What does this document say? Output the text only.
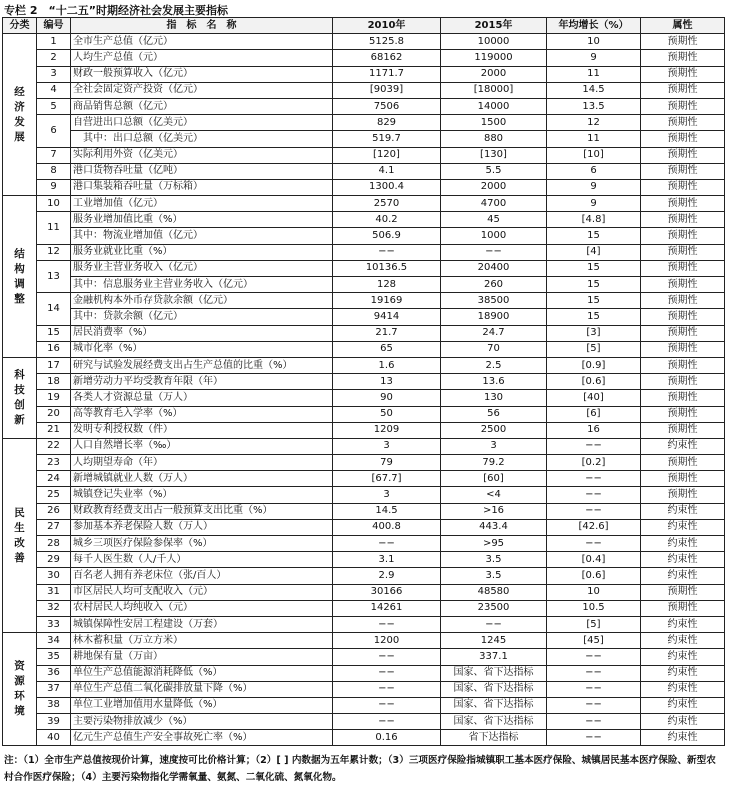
专栏 2　“十二五”时期经济社会发展主要指标
分类	编号	指　标　名　称	2010年	2015年	年均增长（%）	属性
经济发展	1	全市生产总值（亿元）	5125.8	10000	10	预期性
	2	人均生产总值（元）	68162	119000	9	预期性
	3	财政一般预算收入（亿元）	1171.7	2000	11	预期性
	4	全社会固定资产投资（亿元）	[9039]	[18000]	14.5	预期性
	5	商品销售总额（亿元）	7506	14000	13.5	预期性
	6	自营进出口总额（亿美元）	829	1500	12	预期性
		　其中：出口总额（亿美元）	519.7	880	11	预期性
	7	实际利用外资（亿美元）	[120]	[130]	[10]	预期性
	8	港口货物吞吐量（亿吨）	4.1	5.5	6	预期性
	9	港口集装箱吞吐量（万标箱）	1300.4	2000	9	预期性
结构调整	10	工业增加值（亿元）	2570	4700	9	预期性
	11	服务业增加值比重（%）	40.2	45	[4.8]	预期性
		其中：物流业增加值（亿元）	506.9	1000	15	预期性
	12	服务业就业比重（%）	−−	−−	[4]	预期性
	13	服务业主营业务收入（亿元）	10136.5	20400	15	预期性
		其中：信息服务业主营业务收入（亿元）	128	260	15	预期性
	14	金融机构本外币存贷款余额（亿元）	19169	38500	15	预期性
		其中：贷款余额（亿元）	9414	18900	15	预期性
	15	居民消费率（%）	21.7	24.7	[3]	预期性
	16	城市化率（%）	65	70	[5]	预期性
科技创新	17	研究与试验发展经费支出占生产总值的比重（%）	1.6	2.5	[0.9]	预期性
	18	新增劳动力平均受教育年限（年）	13	13.6	[0.6]	预期性
	19	各类人才资源总量（万人）	90	130	[40]	预期性
	20	高等教育毛入学率（%）	50	56	[6]	预期性
	21	发明专利授权数（件）	1209	2500	16	预期性
民生改善	22	人口自然增长率（‰）	3	3	−−	约束性
	23	人均期望寿命（年）	79	79.2	[0.2]	预期性
	24	新增城镇就业人数（万人）	[67.7]	[60]	−−	预期性
	25	城镇登记失业率（%）	3	<4	−−	预期性
	26	财政教育经费支出占一般预算支出比重（%）	14.5	>16	−−	约束性
	27	参加基本养老保险人数（万人）	400.8	443.4	[42.6]	约束性
	28	城乡三项医疗保险参保率（%）	−−	>95	−−	约束性
	29	每千人医生数（人/千人）	3.1	3.5	[0.4]	约束性
	30	百名老人拥有养老床位（张/百人）	2.9	3.5	[0.6]	约束性
	31	市区居民人均可支配收入（元）	30166	48580	10	预期性
	32	农村居民人均纯收入（元）	14261	23500	10.5	预期性
	33	城镇保障性安居工程建设（万套）	−−	−−	[5]	约束性
资源环境	34	林木蓄积量（万立方米）	1200	1245	[45]	约束性
	35	耕地保有量（万亩）	−−	337.1	−−	约束性
	36	单位生产总值能源消耗降低（%）	−−	国家、省下达指标	−−	约束性
	37	单位生产总值二氧化碳排放量下降（%）	−−	国家、省下达指标	−−	约束性
	38	单位工业增加值用水量降低（%）	−−	国家、省下达指标	−−	约束性
	39	主要污染物排放减少（%）	−−	国家、省下达指标	−−	约束性
	40	亿元生产总值生产安全事故死亡率（%）	0.16	省下达指标	−−	约束性
注：（1）全市生产总值按现价计算，速度按可比价格计算；（2）[ ] 内数据为五年累计数；（3）三项医疗保险指城镇职工基本医疗保险、城镇居民基本医疗保险、新型农村合作医疗保险；（4）主要污染物指化学需氧量、氨氮、二氧化硫、氮氧化物。
